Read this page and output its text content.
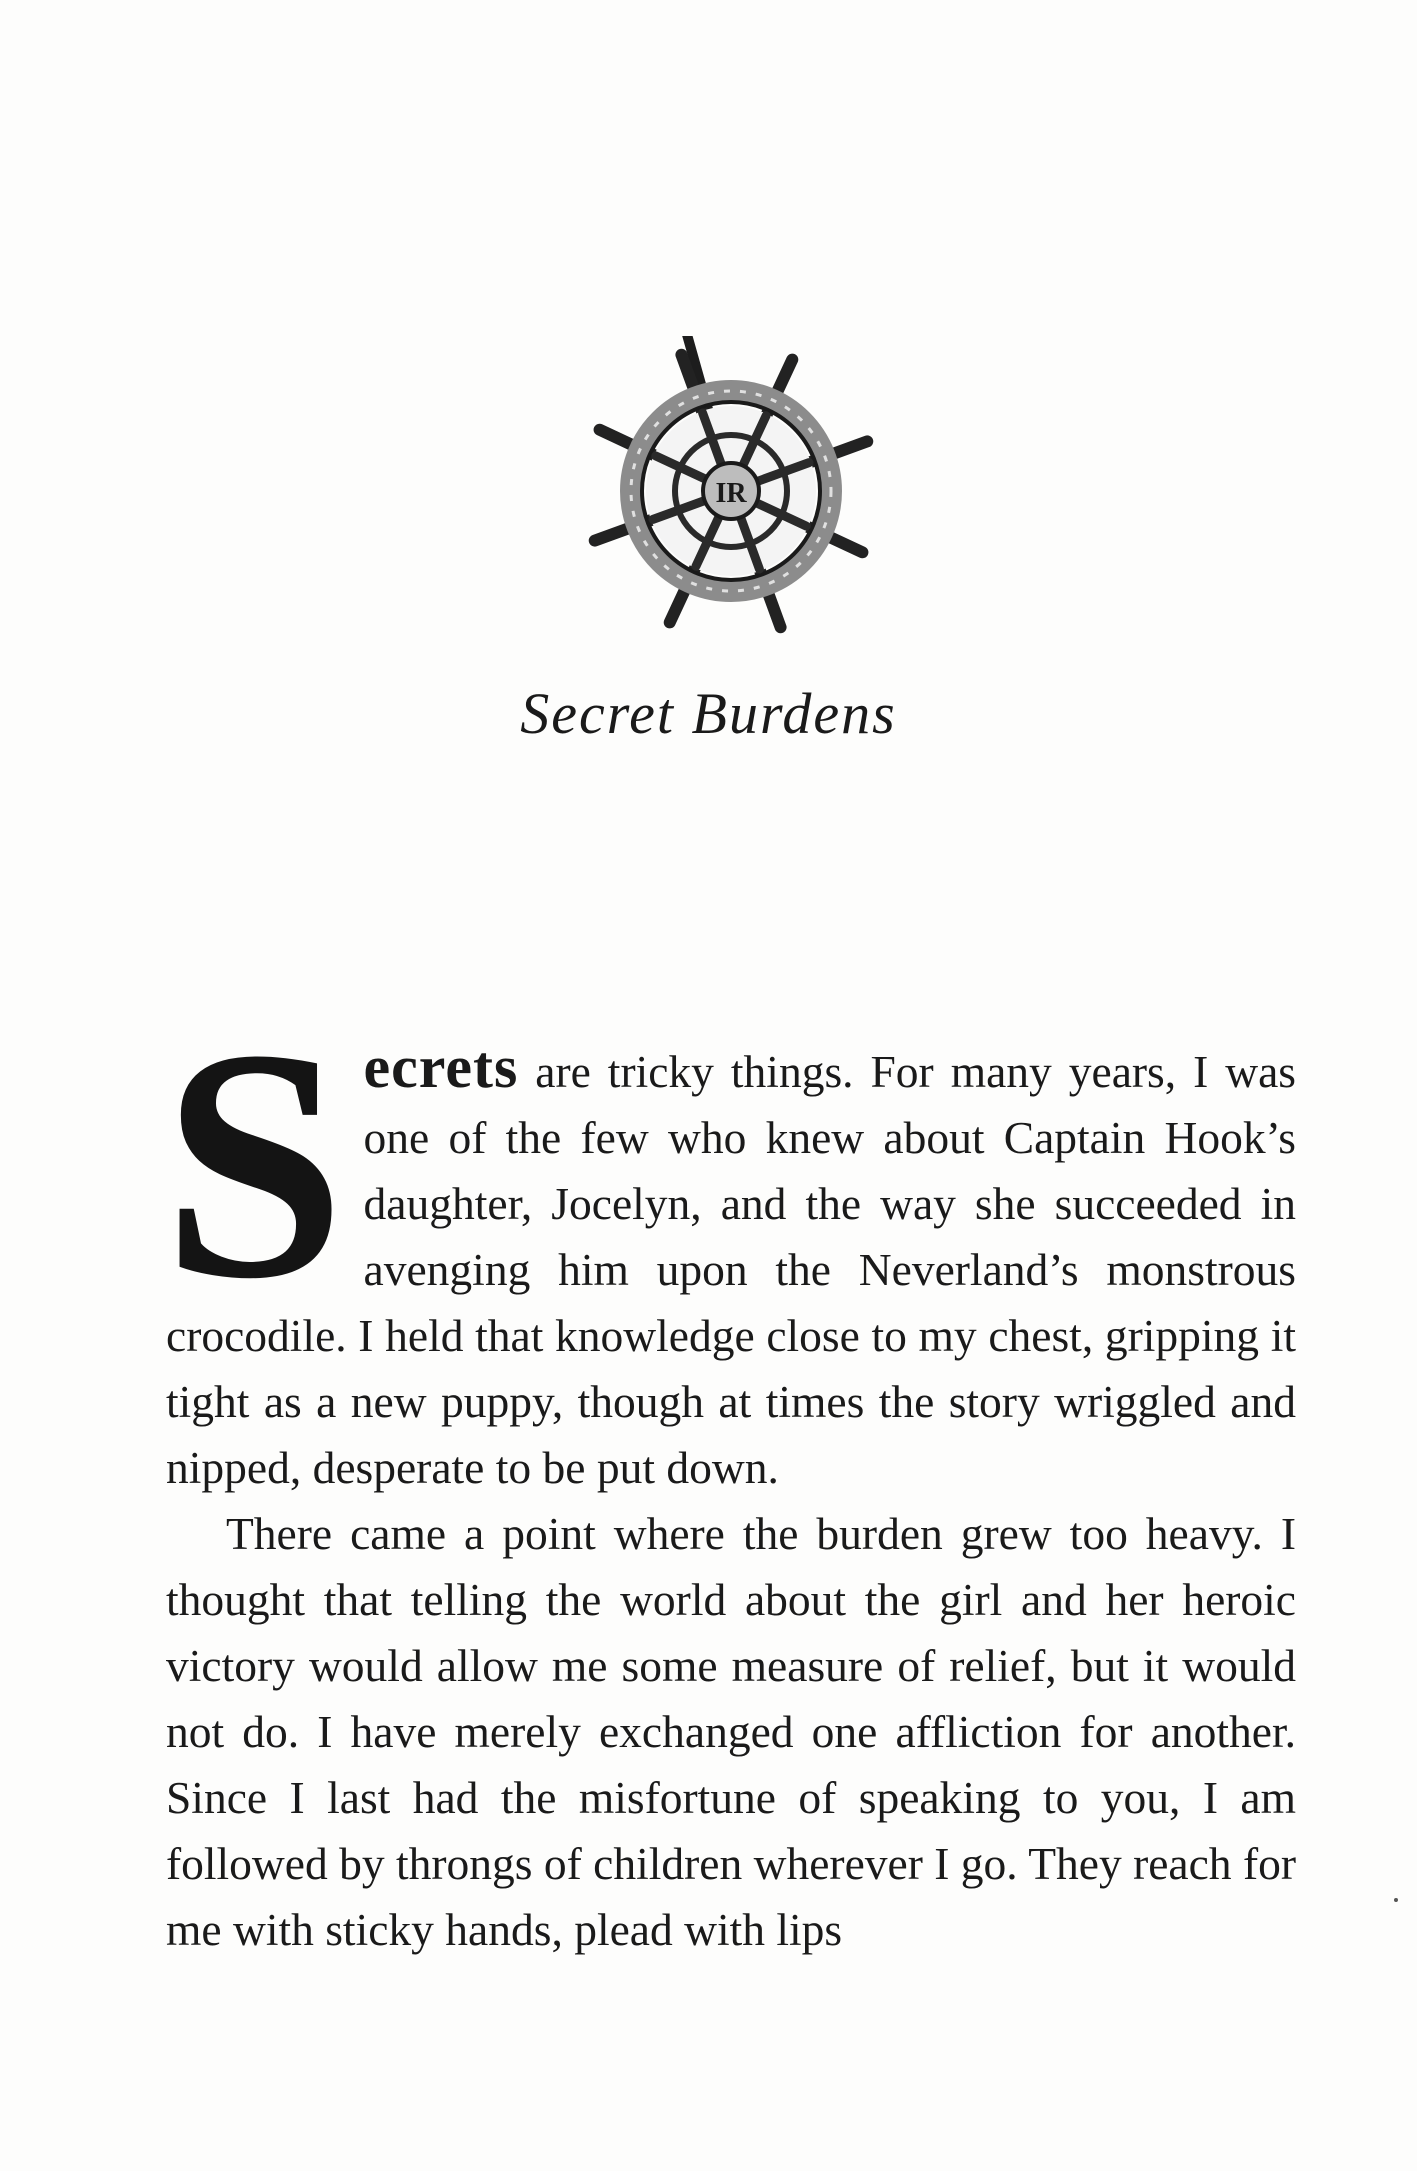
IR
Secret Burdens

Secrets are tricky things. For many years, I was one of the few who knew about Captain Hook’s daughter, Jocelyn, and the way she succeeded in avenging him upon the Neverland’s monstrous crocodile. I held that knowledge close to my chest, gripping it tight as a new puppy, though at times the story wriggled and nipped, desperate to be put down.

There came a point where the burden grew too heavy. I thought that telling the world about the girl and her heroic victory would allow me some measure of relief, but it would not do. I have merely exchanged one affliction for another. Since I last had the misfortune of speaking to you, I am followed by throngs of children wherever I go. They reach for me with sticky hands, plead with lips
